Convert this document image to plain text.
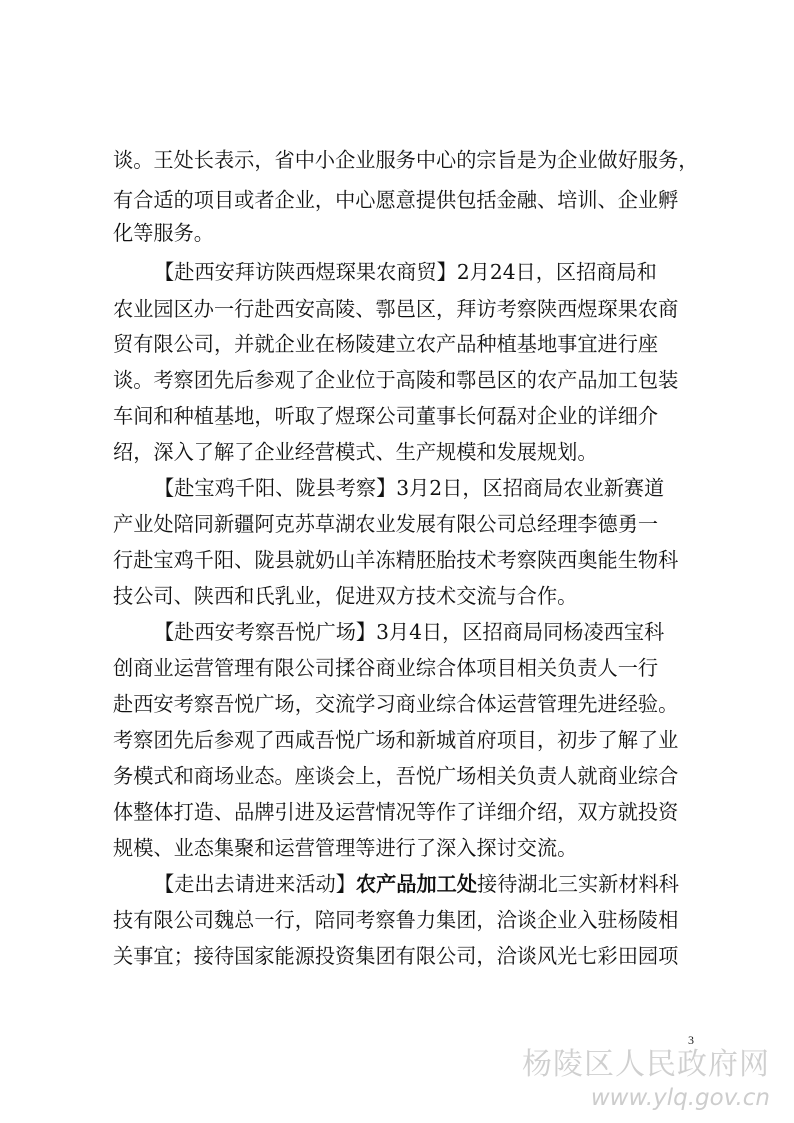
谈。王处长表示，省中小企业服务中心的宗旨是为企业做好服务，
有合适的项目或者企业，中心愿意提供包括金融、培训、企业孵
化等服务。
【赴西安拜访陕西煜琛果农商贸】2月24日，区招商局和
农业园区办一行赴西安高陵、鄠邑区，拜访考察陕西煜琛果农商
贸有限公司，并就企业在杨陵建立农产品种植基地事宜进行座
谈。考察团先后参观了企业位于高陵和鄠邑区的农产品加工包装
车间和种植基地，听取了煜琛公司董事长何磊对企业的详细介
绍，深入了解了企业经营模式、生产规模和发展规划。
【赴宝鸡千阳、陇县考察】3月2日，区招商局农业新赛道
产业处陪同新疆阿克苏草湖农业发展有限公司总经理李德勇一
行赴宝鸡千阳、陇县就奶山羊冻精胚胎技术考察陕西奥能生物科
技公司、陕西和氏乳业，促进双方技术交流与合作。
【赴西安考察吾悦广场】3月4日，区招商局同杨凌西宝科
创商业运营管理有限公司揉谷商业综合体项目相关负责人一行
赴西安考察吾悦广场，交流学习商业综合体运营管理先进经验。
考察团先后参观了西咸吾悦广场和新城首府项目，初步了解了业
务模式和商场业态。座谈会上，吾悦广场相关负责人就商业综合
体整体打造、品牌引进及运营情况等作了详细介绍，双方就投资
规模、业态集聚和运营管理等进行了深入探讨交流。
【走出去请进来活动】农产品加工处接待湖北三实新材料科
技有限公司魏总一行，陪同考察鲁力集团，洽谈企业入驻杨陵相
关事宜；接待国家能源投资集团有限公司，洽谈风光七彩田园项
3
杨陵区人民政府网
www.ylq.gov.cn
